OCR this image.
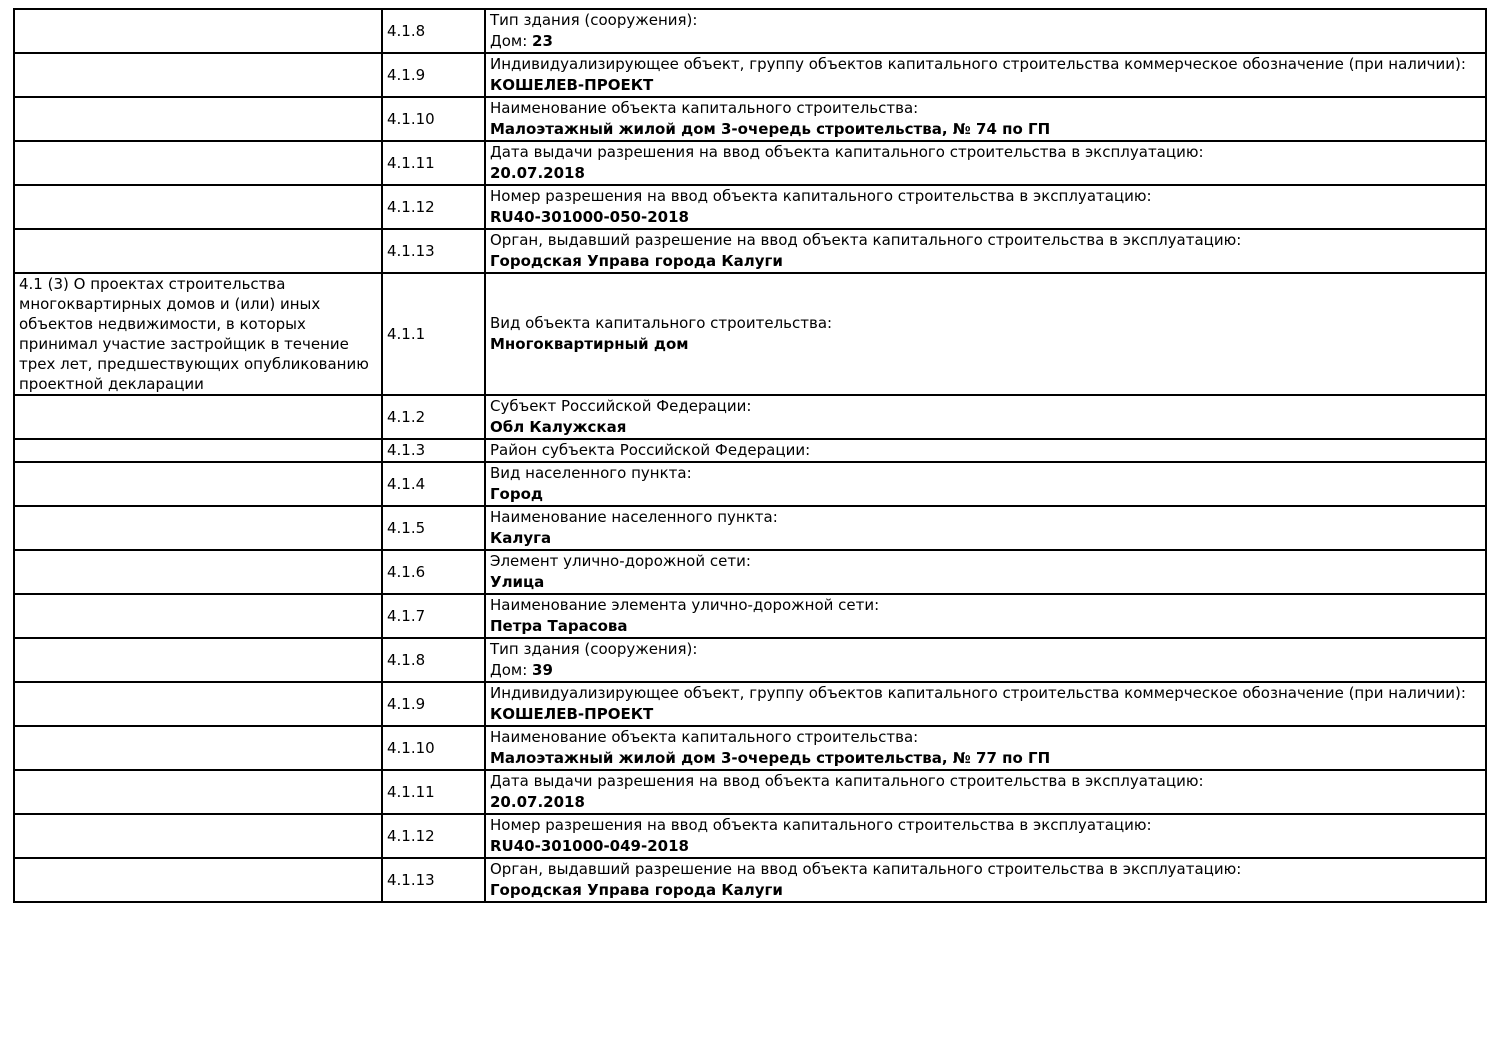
	4.1.8	Тип здания (сооружения):
Дом: 23

	4.1.9	Индивидуализирующее объект, группу объектов капитального строительства коммерческое обозначение (при наличии):
КОШЕЛЕВ-ПРОЕКТ

	4.1.10	Наименование объекта капитального строительства:
Малоэтажный жилой дом 3-очередь строительства, № 74 по ГП

	4.1.11	Дата выдачи разрешения на ввод объекта капитального строительства в эксплуатацию:
20.07.2018

	4.1.12	Номер разрешения на ввод объекта капитального строительства в эксплуатацию:
RU40-301000-050-2018

	4.1.13	Орган, выдавший разрешение на ввод объекта капитального строительства в эксплуатацию:
Городская Управа города Калуги

4.1 (3) О проектах строительства многоквартирных домов и (или) иных объектов недвижимости, в которых принимал участие застройщик в течение трех лет, предшествующих опубликованию проектной декларации	4.1.1	Вид объекта капитального строительства:
Многоквартирный дом

	4.1.2	Субъект Российской Федерации:
Обл Калужская

	4.1.3	Район субъекта Российской Федерации:

	4.1.4	Вид населенного пункта:
Город

	4.1.5	Наименование населенного пункта:
Калуга

	4.1.6	Элемент улично-дорожной сети:
Улица

	4.1.7	Наименование элемента улично-дорожной сети:
Петра Тарасова

	4.1.8	Тип здания (сооружения):
Дом: 39

	4.1.9	Индивидуализирующее объект, группу объектов капитального строительства коммерческое обозначение (при наличии):
КОШЕЛЕВ-ПРОЕКТ

	4.1.10	Наименование объекта капитального строительства:
Малоэтажный жилой дом 3-очередь строительства, № 77 по ГП

	4.1.11	Дата выдачи разрешения на ввод объекта капитального строительства в эксплуатацию:
20.07.2018

	4.1.12	Номер разрешения на ввод объекта капитального строительства в эксплуатацию:
RU40-301000-049-2018

	4.1.13	Орган, выдавший разрешение на ввод объекта капитального строительства в эксплуатацию:
Городская Управа города Калуги
